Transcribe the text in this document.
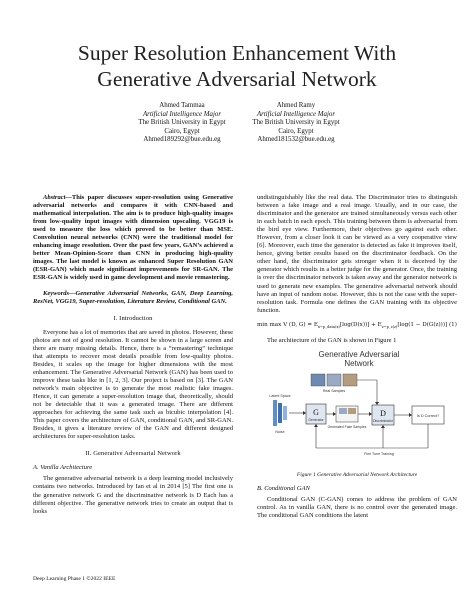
Super Resolution Enhancement With Generative Adversarial Network
Ahmed Tammaa
Artificial Intelligence Major
The British University in Egypt
Cairo, Egypt
Ahmed189292@bue.edu.eg
Ahmed Ramy
Artificial Intelligence Major
The British University in Egypt
Cairo, Egypt
Ahmed181532@bue.edu.eg

Abstract—This paper discusses super-resolution using Generative adversarial networks and compares it with CNN-based and mathematical interpolation. The aim is to produce high-quality images from low-quality input images with dimension upscaling. VGG19 is used to measure the loss which proved to be better than MSE. Convolution neural networks (CNN) were the traditional model for enhancing image resolution. Over the past few years, GAN’s achieved a better Mean-Opinion-Score than CNN in producing high-quality images. The last model is known as enhanced Super Resolution GAN (ESR-GAN) which made significant improvements for SR-GAN. The ESR-GAN is widely used in game development and movie remastering.

Keywords—Generative Adversarial Networks, GAN, Deep Learning, ResNet, VGG19, Super-resolution, Literature Review, Conditional GAN.

I. Introduction

Everyone has a lot of memories that are saved in photos. However, these photos are not of good resolution. It cannot be shown in a large screen and there are many missing details. Hence, there is a “remastering” technique that attempts to recover most details possible from low-quality photos. Besides, it scales up the image for higher dimensions with the most enhancement. The Generative Adversarial Network (GAN) has been used to improve these tasks like in [1, 2, 3]. Our project is based on [3]. The GAN network’s main objective is to generate the most realistic fake images. Hence, it can generate a super-resolution image that, theoretically, should not be detectable that it was a generated image. There are different approaches for achieving the same task such as bicubic interpolation [4]. This paper covers the architecture of GAN, conditional GAN, and SR-GAN. Besides, it gives a literature review of the GAN and different designed architectures for super-resolution tasks.

II. Generative Adversarial Network
A. Vanilla Architecture

The generative adversarial network is a deep learning model inclusively contains two networks. Introduced by Ian et al in 2014 [5] The first one is the generative network G and the discriminative network is D Each has a different objective. The generative network tries to create an output that is looks

undistinguishably like the real data. The Discriminator tries to distinguish between a fake image and a real image. Usually, and in our case, the discriminator and the generator are trained simultaneously versus each other in each batch in each epoch. This training between them is adversarial from the bird eye view. Furthermore, their objectives go against each other. However, from a closer look it can be viewed as a very cooperative view [6]. Moreover, each time the generator is detected as fake it improves itself, hence, giving better results based on the discriminator feedback. On the other hand, the discriminator gets stronger when it is deceived by the generator which results in a better judge for the generator. Once, the training is over the discriminator network is taken away and the generator network is used to generate new examples. The generative adversarial network should have an input of random noise. However, this is not the case with the super-resolution task. Formula one defines the GAN training with its objective function.

min max V (D, $G) = E_{x\sim p\_data(x)}[\log(D(x))] + E_{z\sim p\_z(z)}[\log(1 - D(G(z)))]$ (1)

The architecture of the GAN is shown in Figure 1

Generative Adversarial
Network
Real Samples
Latent Space
Noise
G
Generator
Generated Fake Samples
D
Discriminator
Is D Correct?
Fine Tune Training
Figure 1 Generative Adversarial Network Architecture
B. Conditional GAN

Conditional GAN (C-GAN) comes to address the problem of GAN control. As in vanilla GAN, there is no control over the generated image. The conditional GAN conditions the latent

Deep Learning Phase 1 ©2022 IEEE
